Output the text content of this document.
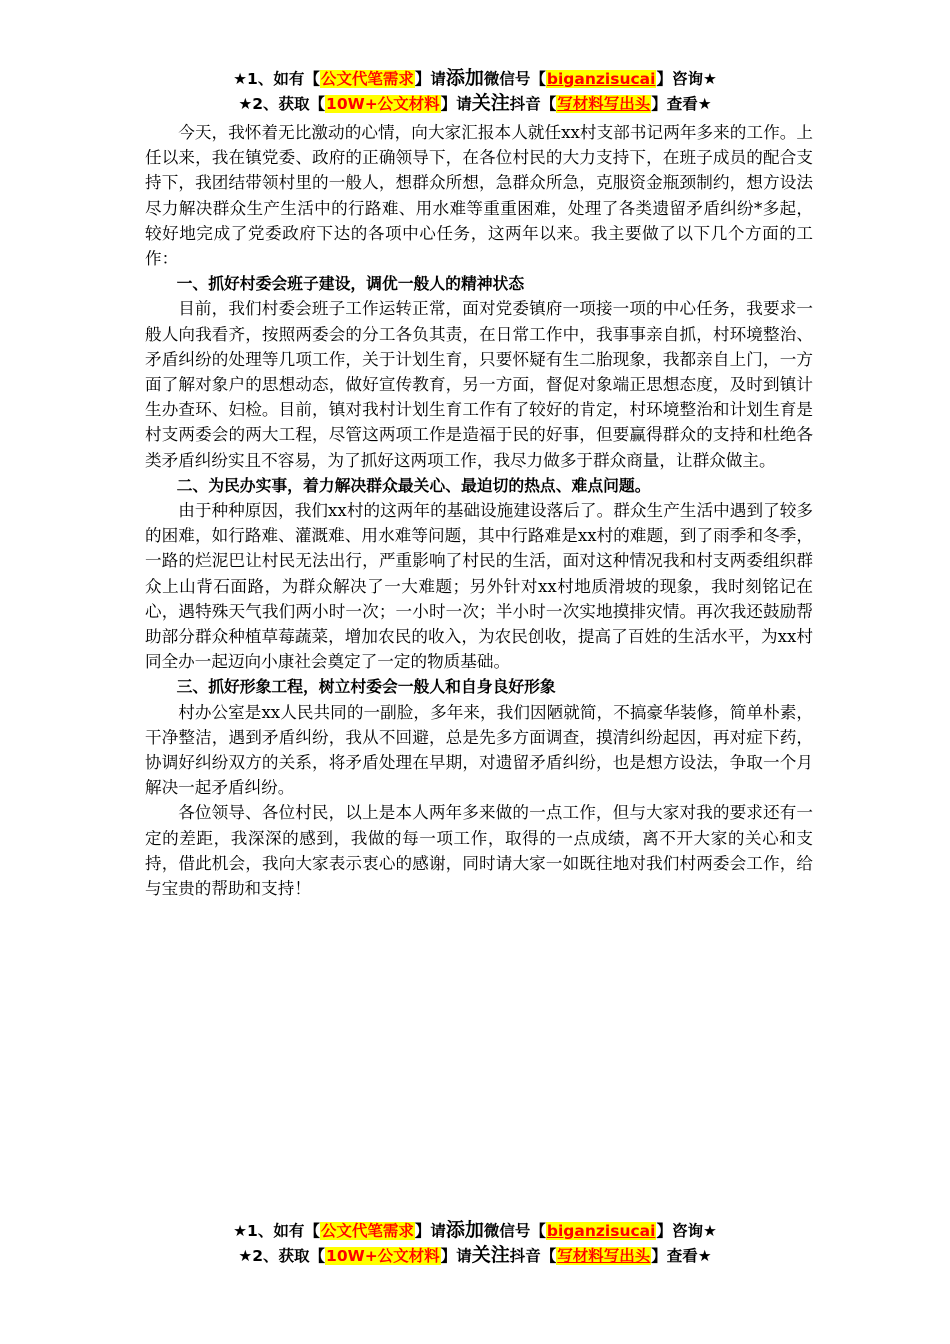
★1、如有【公文代笔需求】请添加微信号【biganzisucai】咨询★
★2、获取【10W+公文材料】请关注抖音【写材料写出头】查看★

今天，我怀着无比激动的心情，向大家汇报本人就任xx村支部书记两年多来的工作。上任以来，我在镇党委、政府的正确领导下，在各位村民的大力支持下，在班子成员的配合支持下，我团结带领村里的一般人，想群众所想，急群众所急，克服资金瓶颈制约，想方设法尽力解决群众生产生活中的行路难、用水难等重重困难，处理了各类遗留矛盾纠纷*多起，较好地完成了党委政府下达的各项中心任务，这两年以来。我主要做了以下几个方面的工作：

一、抓好村委会班子建设，调优一般人的精神状态

目前，我们村委会班子工作运转正常，面对党委镇府一项接一项的中心任务，我要求一般人向我看齐，按照两委会的分工各负其责，在日常工作中，我事事亲自抓，村环境整治、矛盾纠纷的处理等几项工作，关于计划生育，只要怀疑有生二胎现象，我都亲自上门，一方面了解对象户的思想动态，做好宣传教育，另一方面，督促对象端正思想态度，及时到镇计生办查环、妇检。目前，镇对我村计划生育工作有了较好的肯定，村环境整治和计划生育是村支两委会的两大工程，尽管这两项工作是造福于民的好事，但要赢得群众的支持和杜绝各类矛盾纠纷实且不容易，为了抓好这两项工作，我尽力做多于群众商量，让群众做主。

二、为民办实事，着力解决群众最关心、最迫切的热点、难点问题。

由于种种原因，我们xx村的这两年的基础设施建设落后了。群众生产生活中遇到了较多的困难，如行路难、灌溉难、用水难等问题，其中行路难是xx村的难题，到了雨季和冬季，一路的烂泥巴让村民无法出行，严重影响了村民的生活，面对这种情况我和村支两委组织群众上山背石面路，为群众解决了一大难题；另外针对xx村地质滑坡的现象，我时刻铭记在心，遇特殊天气我们两小时一次；一小时一次；半小时一次实地摸排灾情。再次我还鼓励帮助部分群众种植草莓蔬菜，增加农民的收入，为农民创收，提高了百姓的生活水平，为xx村同全办一起迈向小康社会奠定了一定的物质基础。

三、抓好形象工程，树立村委会一般人和自身良好形象

村办公室是xx人民共同的一副脸，多年来，我们因陋就简，不搞豪华装修，简单朴素，干净整洁，遇到矛盾纠纷，我从不回避，总是先多方面调查，摸清纠纷起因，再对症下药，协调好纠纷双方的关系，将矛盾处理在早期，对遗留矛盾纠纷，也是想方设法，争取一个月解决一起矛盾纠纷。

各位领导、各位村民，以上是本人两年多来做的一点工作，但与大家对我的要求还有一定的差距，我深深的感到，我做的每一项工作，取得的一点成绩，离不开大家的关心和支持，借此机会，我向大家表示衷心的感谢，同时请大家一如既往地对我们村两委会工作，给与宝贵的帮助和支持！

★1、如有【公文代笔需求】请添加微信号【biganzisucai】咨询★
★2、获取【10W+公文材料】请关注抖音【写材料写出头】查看★
